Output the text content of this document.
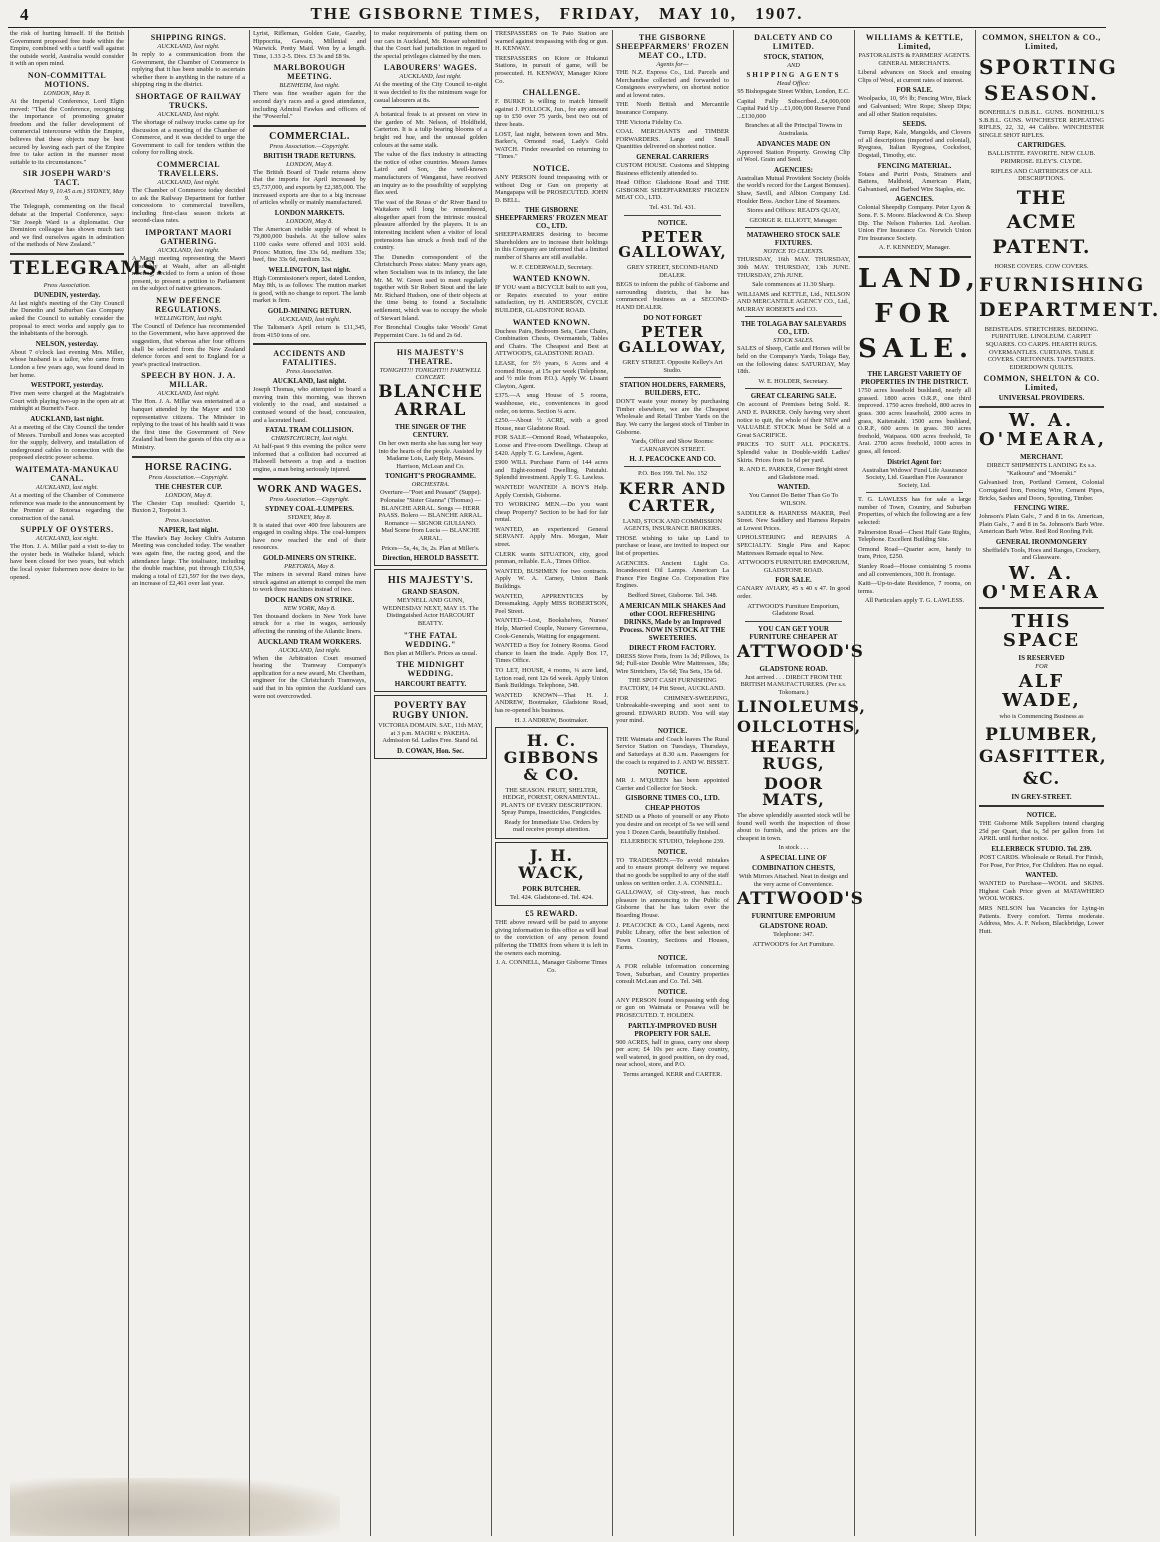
4	THE GISBORNE TIMES, FRIDAY, MAY 10, 1907.

the risk of hurting himself. If the British Government proposed free trade within the Empire, combined with a tariff wall against the outside world, Australia would consider it with an open mind.

NON-COMMITTAL MOTIONS.
LONDON, May 8.

At the Imperial Conference, Lord Elgin moved: "That the Conference, recognising the importance of promoting greater freedom and the fuller development of commercial intercourse within the Empire, believes that these objects may be best secured by leaving each part of the Empire free to take action in the manner most suitable to its circumstances."

SIR JOSEPH WARD'S TACT.
(Received May 9, 10.45 a.m.) SYDNEY, May 9.

The Telegraph, commenting on the fiscal debate at the Imperial Conference, says: "Sir Joseph Ward is a diplomatist. Our Dominion colleague has shown much tact and we find ourselves again in admiration of the methods of New Zealand."

TELEGRAMS.
Press Association.
DUNEDIN, yesterday.

At last night's meeting of the City Council the Dunedin and Suburban Gas Company asked the Council to suitably consider the proposal to erect works and supply gas to the inhabitants of the borough.

NELSON, yesterday.

About 7 o'clock last evening Mrs. Miller, whose husband is a tailor, who came from London a few years ago, was found dead in her home.

WESTPORT, yesterday.

Five men were charged at the Magistrate's Court with playing two-up in the open air at midnight at Burnett's Face.

AUCKLAND, last night.

At a meeting of the City Council the tender of Messrs. Turnbull and Jones was accepted for the supply, delivery, and installation of underground cables in connection with the proposed electric power scheme.

WAITEMATA-MANUKAU CANAL.
AUCKLAND, last night.

At a meeting of the Chamber of Commerce reference was made to the announcement by the Premier at Rotorua regarding the construction of the canal.

SUPPLY OF OYSTERS.
AUCKLAND, last night.

The Hon. J. A. Millar paid a visit to-day to the oyster beds in Waiheke Island, which have been closed for two years, but which the local oyster fishermen now desire to be opened.

SHIPPING RINGS.
AUCKLAND, last night.

In reply to a communication from the Government, the Chamber of Commerce is replying that it has been unable to ascertain whether there is anything in the nature of a shipping ring in the district.

SHORTAGE OF RAILWAY TRUCKS.
AUCKLAND, last night.

The shortage of railway trucks came up for discussion at a meeting of the Chamber of Commerce, and it was decided to urge the Government to call for tenders within the colony for rolling stock.

COMMERCIAL TRAVELLERS.
AUCKLAND, last night.

The Chamber of Commerce today decided to ask the Railway Department for further concessions to commercial travellers, including first-class season tickets at second-class rates.

IMPORTANT MAORI GATHERING.
AUCKLAND, last night.

A Maori meeting representing the Maori Assembly at Waahi, after an all-night meeting, decided to form a union of those present, to present a petition to Parliament on the subject of native grievances.

NEW DEFENCE REGULATIONS.
WELLINGTON, last night.

The Council of Defence has recommended to the Government, who have approved the suggestion, that whereas after four officers shall be selected from the New Zealand defence forces and sent to England for a year's practical instruction.

SPEECH BY HON. J. A. MILLAR.
AUCKLAND, last night.

The Hon. J. A. Millar was entertained at a banquet attended by the Mayor and 130 representative citizens. The Minister in replying to the toast of his health said it was the first time the Government of New Zealand had been the guests of this city as a Ministry.

HORSE RACING.
Press Association.—Copyright.
THE CHESTER CUP.
LONDON, May 8.

The Chester Cup resulted: Querido 1, Buxton 2, Torpoint 3.

Press Association.
NAPIER, last night.

The Hawke's Bay Jockey Club's Autumn Meeting was concluded today. The weather was again fine, the racing good, and the attendance large. The totalisator, including the double machine, put through £10,534, making a total of £21,597 for the two days, an increase of £2,461 over last year.

Lyrist, Rifleman, Golden Gate, Gazeby, Hippocrita, Gawain, Millenial and Warwick. Pretty Maid. Won by a length. Time, 1.33 2-5. Divs. £3 3s and £8 9s.

MARLBOROUGH MEETING.
BLENHEIM, last night.

There was fine weather again for the second day's races and a good attendance, including Admiral Fawkes and officers of the "Powerful."

COMMERCIAL.
Press Association.—Copyright.
BRITISH TRADE RETURNS.
LONDON, May 8.

The British Board of Trade returns show that the imports for April increased by £5,737,000, and exports by £2,385,000. The increased exports are due to a big increase of articles wholly or mainly manufactured.

LONDON MARKETS.
LONDON, May 8.

The American visible supply of wheat is 79,800,000 bushels. At the tallow sales 1100 casks were offered and 1031 sold. Prices: Mutton, fine 33s 6d, medium 33s; beef, fine 33s 6d, medium 33s.

WELLINGTON, last night.

High Commissioner's report, dated London, May 8th, is as follows: The mutton market is good, with no change to report. The lamb market is firm.

GOLD-MINING RETURN.
AUCKLAND, last night.

The Taltsman's April return is £11,345, from 4150 tons of ore.

ACCIDENTS AND FATALITIES.
Press Association.
AUCKLAND, last night.

Joseph Thomas, who attempted to board a moving train this morning, was thrown violently to the road, and sustained a contused wound of the head, concussion, and a lacerated hand.

FATAL TRAM COLLISION.
CHRISTCHURCH, last night.

At half-past 9 this evening the police were informed that a collision had occurred at Halswell between a trap and a traction engine, a man being seriously injured.

WORK AND WAGES.
Press Association.—Copyright.
SYDNEY COAL-LUMPERS.
SYDNEY, May 8.

It is stated that over 400 free labourers are engaged in coaling ships. The coal-lumpers have now reached the end of their resources.

GOLD-MINERS ON STRIKE.
PRETORIA, May 8.

The miners in several Rand mines have struck against an attempt to compel the men to work three machines instead of two.

DOCK HANDS ON STRIKE.
NEW YORK, May 8.

Ten thousand dockers in New York have struck for a rise in wages, seriously affecting the running of the Atlantic liners.

AUCKLAND TRAM WORKERS.
AUCKLAND, last night.

When the Arbitration Court resumed hearing the Tramway Company's application for a new award, Mr. Cheetham, engineer for the Christchurch Tramways, said that in his opinion the Auckland cars were not overcrowded.

to make requirements of putting them on our cars in Auckland, Mr. Rosser submitted that the Court had jurisdiction in regard to the special privileges claimed by the men.

LABOURERS' WAGES.
AUCKLAND, last night.

At the meeting of the City Council to-night it was decided to fix the minimum wage for casual labourers at 8s.

A botanical freak is at present on view in the garden of Mr. Nelson, of Holdfield, Carterton. It is a tulip bearing blooms of a bright red hue, and the unusual golden colours at the same stalk.

The value of the flax industry is attracting the notice of other countries. Messrs James Laird and Son, the well-known manufacturers of Wanganui, have received an inquiry as to the possibility of supplying flax seed.

The vast of the Reuss o' dir' River Band to Waitakere will long be remembered, altogether apart from the intrinsic musical pleasure afforded by the players. It is an interesting incident when a visitor of local pretensions has struck a fresh trail of the country.

The Dunedin correspondent of the Christchurch Press states: Many years ago, when Socialism was in its infancy, the late Mr. M. W. Green used to meet regularly together with Sir Robert Stout and the late Mr. Richard Hudson, one of their objects at the time being to found a Socialistic settlement, which was to occupy the whole of Stewart Island.

For Bronchial Coughs take Woods' Great Peppermint Cure. 1s 6d and 2s 6d.

HIS MAJESTY'S THEATRE.
TONIGHT!!! TONIGHT!!! FAREWELL CONCERT.
BLANCHE ARRAL
THE SINGER OF THE CENTURY.

On her own merits she has sung her way into the hearts of the people. Assisted by Madame Lois, Lady Reip, Messrs. Harrison, McLean and Co.

TONIGHT'S PROGRAMME.
ORCHESTRA.

Overture—"Poet and Peasant" (Suppe). Polonaise "Sister Gianna" (Thomas) — BLANCHE ARRAL. Songs — HERR PAASS. Bolero — BLANCHE ARRAL. Romance — SIGNOR GIULIANO. Mad Scene from Lucia — BLANCHE ARRAL.

Prices—5s, 4s, 3s, 2s. Plan at Miller's.

Direction, HEROLD BASSETT.
HIS MAJESTY'S.
GRAND SEASON.

MEYNELL AND GUNN, WEDNESDAY NEXT, MAY 15. The Distinguished Actor HARCOURT BEATTY.

"THE FATAL WEDDING."

Box plan at Miller's. Prices as usual.

THE MIDNIGHT WEDDING.
HARCOURT BEATTY.
POVERTY BAY RUGBY UNION.

VICTORIA DOMAIN. SAT., 11th MAY, at 3 p.m. MAORI v. PAKEHA. Admission 6d. Ladies Free. Stand 6d.

D. COWAN, Hon. Sec.

TRESPASSERS on Te Pato Station are warned against trespassing with dog or gun. H. KENWAY.

TRESPASSERS on Kiore or Hukanui Stations, in pursuit of game, will be prosecuted. H. KENWAY, Manager Kiore Co.

CHALLENGE.

F. BURKE is willing to match himself against J. POLLOCK, Jun., for any amount up to £50 over 75 yards, best two out of three heats.

LOST, last night, between town and Mrs. Barker's, Ormond road, Lady's Gold WATCH. Finder rewarded on returning to "Times."

NOTICE.

ANY PERSON found trespassing with or without Dog or Gun on property at Mangapapa will be PROSECUTED. JOHN D. BELL.

THE GISBORNE SHEEPFARMERS' FROZEN MEAT CO., LTD.

SHEEPFARMERS desiring to become Shareholders are to increase their holdings in this Company are informed that a limited number of Shares are still available.

W. F. CEDERWALD, Secretary.

WANTED KNOWN.

IF YOU want a BICYCLE built to suit you, or Repairs executed to your entire satisfaction, try H. ANDERSON, CYCLE BUILDER, GLADSTONE ROAD.

WANTED KNOWN.

Duchess Pairs, Bedroom Sets, Cane Chairs, Combination Chests, Overmantels, Tables and Chairs. The Cheapest and Best at ATTWOOD'S, GLADSTONE ROAD.

LEASE, for 5½ years, 6 Acres and 4 roomed House, at 15s per week (Telephone, and ½ mile from P.O.). Apply W. Lissant Clayton, Agent.

£375.—A snug House of 5 rooms, washhouse, etc., conveniences in good order, on terms. Section ¼ acre.

£250.—About ½ ACRE, with a good House, near Gladstone Road.

FOR SALE—Ormond Road, Whataupoko, Loose and Five-room Dwellings. Cheap at £420. Apply T. G. Lawless, Agent.

£900 WILL Purchase Farm of 144 acres and Eight-roomed Dwelling, Patutahi. Splendid investment. Apply T. G. Lawless.

WANTED! WANTED! A BOY'S Help. Apply Cornish, Gisborne.

TO WORKING MEN.—Do you want cheap Property? Section to be had for fair rental.

WANTED, an experienced General SERVANT. Apply Mrs. Morgan, Mair street.

CLERK wants SITUATION, city, good penman, reliable. E.A., Times Office.

WANTED, BUSHMEN for two contracts. Apply W. A. Carney, Union Bank Buildings.

WANTED, APPRENTICES by Dressmaking. Apply MISS ROBERTSON, Peel Street.

WANTED—Lost, Bookshelves, Nurses' Help, Married Couple, Nursery Governess, Cook-Generals, Waiting for engagement.

WANTED a Boy for Joinery Rooms. Good chance to learn the trade. Apply Box 17, Times Office.

TO LET, HOUSE, 4 rooms, ¼ acre land, Lytton road, rent 12s 6d week. Apply Union Bank Buildings. Telephone, 348.

WANTED KNOWN—That H. J. ANDREW, Bootmaker, Gladstone Road, has re-opened his business.

H. J. ANDREW, Bootmaker.

H. C. GIBBONS & CO.

THE SEASON. FRUIT, SHELTER, HEDGE, FOREST, ORNAMENTAL. PLANTS OF EVERY DESCRIPTION. Spray Pumps, Insecticides, Fungicides.

Ready for Immediate Use. Orders by mail receive prompt attention.

J. H. WACK,
PORK BUTCHER.

Tel. 424. Gladstone-rd. Tel. 424.

£5 REWARD.

THE above reward will be paid to anyone giving information to this office as will lead to the conviction of any person found pilfering the TIMES from where it is left in the owners each morning.

J. A. CONNELL, Manager Gisborne Times Co.

THE GISBORNE SHEEPFARMERS' FROZEN MEAT CO., LTD.
Agents for—

THE N.Z. Express Co., Ltd. Parcels and Merchandise collected and forwarded to Consignees everywhere, on shortest notice and at lowest rates.

THE North British and Mercantile Insurance Company.

THE Victoria Fidelity Co.

COAL MERCHANTS and TIMBER FORWARDERS. Large and Small Quantities delivered on shortest notice.

GENERAL CARRIERS

CUSTOM HOUSE. Customs and Shipping Business efficiently attended to.

Head Office: Gladstone Road and THE GISBORNE SHEEPFARMERS' FROZEN MEAT CO., LTD.

Tel. 431. Tel. 431.

NOTICE.
PETER GALLOWAY,

GREY STREET, SECOND-HAND DEALER.

BEGS to inform the public of Gisborne and surrounding districts, that he has commenced business as a SECOND-HAND DEALER.

DO NOT FORGET
PETER GALLOWAY,

GREY STREET. Opposite Kelley's Art Studio.

STATION HOLDERS, FARMERS, BUILDERS, ETC.

DON'T waste your money by purchasing Timber elsewhere, we are the Cheapest Wholesale and Retail Timber Yards on the Bay. We carry the largest stock of Timber in Gisborne.

Yards, Office and Show Rooms: CARNARVON STREET.

H. J. PEACOCKE AND CO.

P.O. Box 199. Tel. No. 152

KERR AND CARTER,

LAND, STOCK AND COMMISSION AGENTS, INSURANCE BROKERS.

THOSE wishing to take up Land to purchase or lease, are invited to inspect our list of properties.

AGENCIES. Ancient Light Co. Incandescent Oil Lamps. American La France Fire Engine Co. Corporation Fire Engines.

Bedford Street, Gisborne. Tel. 348.

A MERICAN MILK SHAKES And other COOL REFRESHING DRINKS, Made by an Improved Process. NOW IN STOCK AT THE SWEETERIES.
DIRECT FROM FACTORY.

DRESS Stove Frets, from 1s 3d; Pillows, 1s 9d; Full-size Double Wire Mattresses, 18s; Wire Stretchers, 15s 6d; Tea Sets, 15s 6d.

THE SPOT CASH FURNISHING FACTORY, 14 Pitt Street, AUCKLAND.

FOR CHIMNEY-SWEEPING, Unbreakable-sweeping and soot sent to ground. EDWARD RUDD. You will stay your mind.

NOTICE.

THE Waimata and Coach leaves The Rural Service Station on Tuesdays, Thursdays, and Saturdays at 8.30 a.m. Passengers for the coach is required to J. AND W. BISSET.

NOTICE.

MR J. M'QUEEN has been appointed Carrier and Collector for Stock.

GISBORNE TIMES CO., LTD.
CHEAP PHOTOS

SEND us a Photo of yourself or any Photo you desire and on receipt of 5s we will send you 1 Dozen Cards, beautifully finished.

ELLERBECK STUDIO, Telephone 239.

NOTICE.

TO TRADESMEN.—To avoid mistakes and to ensure prompt delivery we request that no goods be supplied to any of the staff unless on written order. J. A. CONNELL.

GALLOWAY, of City-street, has much pleasure in announcing to the Public of Gisborne that he has taken over the Boarding House.

J. PEACOCKE & CO., Land Agents, next Public Library, offer the best selection of Town Country, Sections and Houses, Farms.

NOTICE.

A FOR reliable information concerning Town, Suburban, and Country properties consult McLean and Co. Tel. 348.

NOTICE.

ANY PERSON found trespassing with dog or gun on Waimata or Pouawa will be PROSECUTED. T. HOLDEN.

PARTLY-IMPROVED BUSH PROPERTY FOR SALE.

900 ACRES, half in grass, carry one sheep per acre; £4 10s per acre. Easy country, well watered, in good position, on dry road, near school, store, and P.O.

Terms arranged. KERR and CARTER.

DALCETY AND CO LIMITED.
STOCK, STATION,
AND
SHIPPING AGENTS
Head Office:

95 Bishopsgate Street Within, London, E.C.

Capital Fully Subscribed...£4,000,000 Capital Paid Up ...£1,000,000 Reserve Fund ...£130,000

Branches at all the Principal Towns in Australasia.

ADVANCES MADE ON

Approved Station Property. Growing Clip of Wool. Grain and Seed.

AGENCIES:

Australian Mutual Provident Society (holds the world's record for the Largest Bonuses). Shaw, Savill, and Albion Company Ltd. Houlder Bros. Anchor Line of Steamers.

Stores and Offices: READ'S QUAY,

GEORGE R. ELLIOTT, Manager.

MATAWHERO STOCK SALE FIXTURES.
NOTICE TO CLIENTS.

THURSDAY, 16th MAY. THURSDAY, 30th MAY. THURSDAY, 13th JUNE. THURSDAY, 27th JUNE.

Sale commences at 11.30 Sharp.

WILLIAMS and KETTLE, Ltd., NELSON AND MERCANTILE AGENCY CO., Ltd., MURRAY ROBERTS and CO.

THE TOLAGA BAY SALEYARDS CO., LTD.
STOCK SALES.

SALES of Sheep, Cattle and Horses will be held on the Company's Yards, Tolaga Bay, on the following dates: SATURDAY, May 18th.

W. E. HOLDER, Secretary.

GREAT CLEARING SALE.

On account of Premises being Sold. R. AND E. PARKER. Only having very short notice to quit, the whole of their NEW and VALUABLE STOCK Must be Sold at a Great SACRIFICE.

PRICES TO SUIT ALL POCKETS. Splendid value in Double-width Ladies' Skirts. Prices from 1s 6d per yard.

R. AND E. PARKER, Corner Bright street and Gladstone road.

WANTED.

You Cannot Do Better Than Go To WILSON.

SADDLER & HARNESS MAKER, Peel Street. New Saddlery and Harness Repairs at Lowest Prices.

UPHOLSTERING and REPAIRS A SPECIALTY. Single Pins and Kapoc Mattresses Remade equal to New.

ATTWOOD'S FURNITURE EMPORIUM, GLADSTONE ROAD.

FOR SALE.

CANARY AVIARY, 45 x 40 x 47. In good order.

ATTWOOD'S Furniture Emporium, Gladstone Road.

YOU CAN GET YOUR FURNITURE CHEAPER AT
ATTWOOD'S
GLADSTONE ROAD.

Just arrived . . . DIRECT FROM THE BRITISH MANUFACTURERS. (Per s.s. Tokomaru.)

LINOLEUMS,
OILCLOTHS,
HEARTH RUGS,
DOOR MATS,

The above splendidly assorted stock will be found well worth the inspection of those about to furnish, and the prices are the cheapest in town.

In stock . . .

A SPECIAL LINE OF
COMBINATION CHESTS,

With Mirrors Attached. Neat in design and the very acme of Convenience.

ATTWOOD'S
FURNITURE EMPORIUM
GLADSTONE ROAD.

Telephone: 347.

ATTWOOD'S for Art Furniture.

WILLIAMS & KETTLE, Limited,

PASTORALISTS & FARMERS' AGENTS. GENERAL MERCHANTS.

Liberal advances on Stock and ensuing Clips of Wool, at current rates of interest.

FOR SALE.

Woolpacks, 10, 9½ lb; Fencing Wire, Black and Galvanised; Wire Rope; Sheep Dips; and all other Station requisites.

SEEDS.

Turnip Rape, Kale, Mangolds, and Clovers of all descriptions (imported and colonial), Ryegrass, Italian Ryegrass, Cocksfoot, Dogstail, Timothy, etc.

FENCING MATERIAL.

Totara and Puriri Posts, Strainers and Battens, Malthoid, American Plain, Galvanised, and Barbed Wire Staples, etc.

AGENCIES.

Colonial Sheepdip Company. Peter Lyon & Sons. F. S. Moore. Blackwood & Co. Sheep Dip. The Nelson Fisheries Ltd. Aeolian. Union Fire Insurance Co. Norwich Union Fire Insurance Society.

A. F. KENNEDY, Manager.

LAND, FOR SALE.
THE LARGEST VARIETY OF PROPERTIES IN THE DISTRICT.

1750 acres leasehold bushland, nearly all grassed. 1800 acres O.R.P., one third improved. 1750 acres freehold, 800 acres in grass. 300 acres leasehold, 2000 acres in grass, Kaiteratahi. 1500 acres bushland, O.R.P., 600 acres in grass. 390 acres freehold, Waipaoa. 600 acres freehold, Te Arai. 2700 acres freehold, 1000 acres in grass, all fenced.

District Agent for:

Australian Widows' Fund Life Assurance Society, Ltd. Guardian Fire Assurance Society, Ltd.

T. G. LAWLESS has for sale a large number of Town, Country, and Suburban Properties, of which the following are a few selected:

Palmerston Road—Chest Half Gate Rights, Telephone. Excellent Building Site.

Ormond Road—Quarter acre, handy to tram, Price, £250.

Stanley Road—House containing 5 rooms and all conveniences, 300 ft. frontage.

Kaiti—Up-to-date Residence, 7 rooms, on terms.

All Particulars apply T. G. LAWLESS.

COMMON, SHELTON & CO., Limited,
SPORTING SEASON.

BONEHILL'S D.B.B.L. GUNS. BONEHILL'S S.B.B.L. GUNS. WINCHESTER REPEATING RIFLES, 22, 32, 44 Calibre. WINCHESTER SINGLE SHOT RIFLES.

CARTRIDGES.

BALLISTITE. FAVORITE. NEW CLUB. PRIMROSE. ELEY'S. CLYDE.

RIFLES AND CARTRIDGES OF ALL DESCRIPTIONS.

THE ACME PATENT.

HORSE COVERS. COW COVERS.

FURNISHING DEPARTMENT.

BEDSTEADS. STRETCHERS. BEDDING. FURNITURE. LINOLEUM. CARPET SQUARES. CO CARPS. HEARTH RUGS. OVERMANTLES. CURTAINS. TABLE COVERS. CRETONNES. TAPESTRIES. EIDERDOWN QUILTS.

COMMON, SHELTON & CO. Limited,
UNIVERSAL PROVIDERS.
W. A. O'MEARA,
MERCHANT.

DIRECT SHIPMENTS LANDING Ex s.s. "Kaikoura" and "Moeraki."

Galvanised Iron, Portland Cement, Colonial Corrugated Iron, Fencing Wire, Cement Pipes, Bricks, Sashes and Doors, Spouting, Timber.

FENCING WIRE.

Johnson's Plain Galv., 7 and 8 in 6s. American, Plain Galv., 7 and 8 in 5s. Johnson's Barb Wire. American Barb Wire. Red Rod Roofing Felt.

GENERAL IRONMONGERY

Sheffield's Tools, Hoes and Ranges, Crockery, and Glassware.

W. A. O'MEARA
THIS SPACE
IS RESERVED
FOR
ALF WADE,

who is Commencing Business as

PLUMBER, GASFITTER, &C.
IN GREY-STREET.
NOTICE.

THE Gisborne Milk Suppliers intend charging 25d per Quart, that is, 5d per gallon from 1st APRIL until further notice.

ELLERBECK STUDIO. Tel. 239.

POST CARDS. Wholesale or Retail. For Finish, For Pose, For Price, For Children. Has no equal.

WANTED.

WANTED to Purchase—WOOL and SKINS. Highest Cash Price given at MATAWHERO WOOL WORKS.

MRS NELSON has Vacancies for Lying-in Patients. Every comfort. Terms moderate. Address, Mrs. A. F. Nelson, Blackbridge, Lower Hutt.
